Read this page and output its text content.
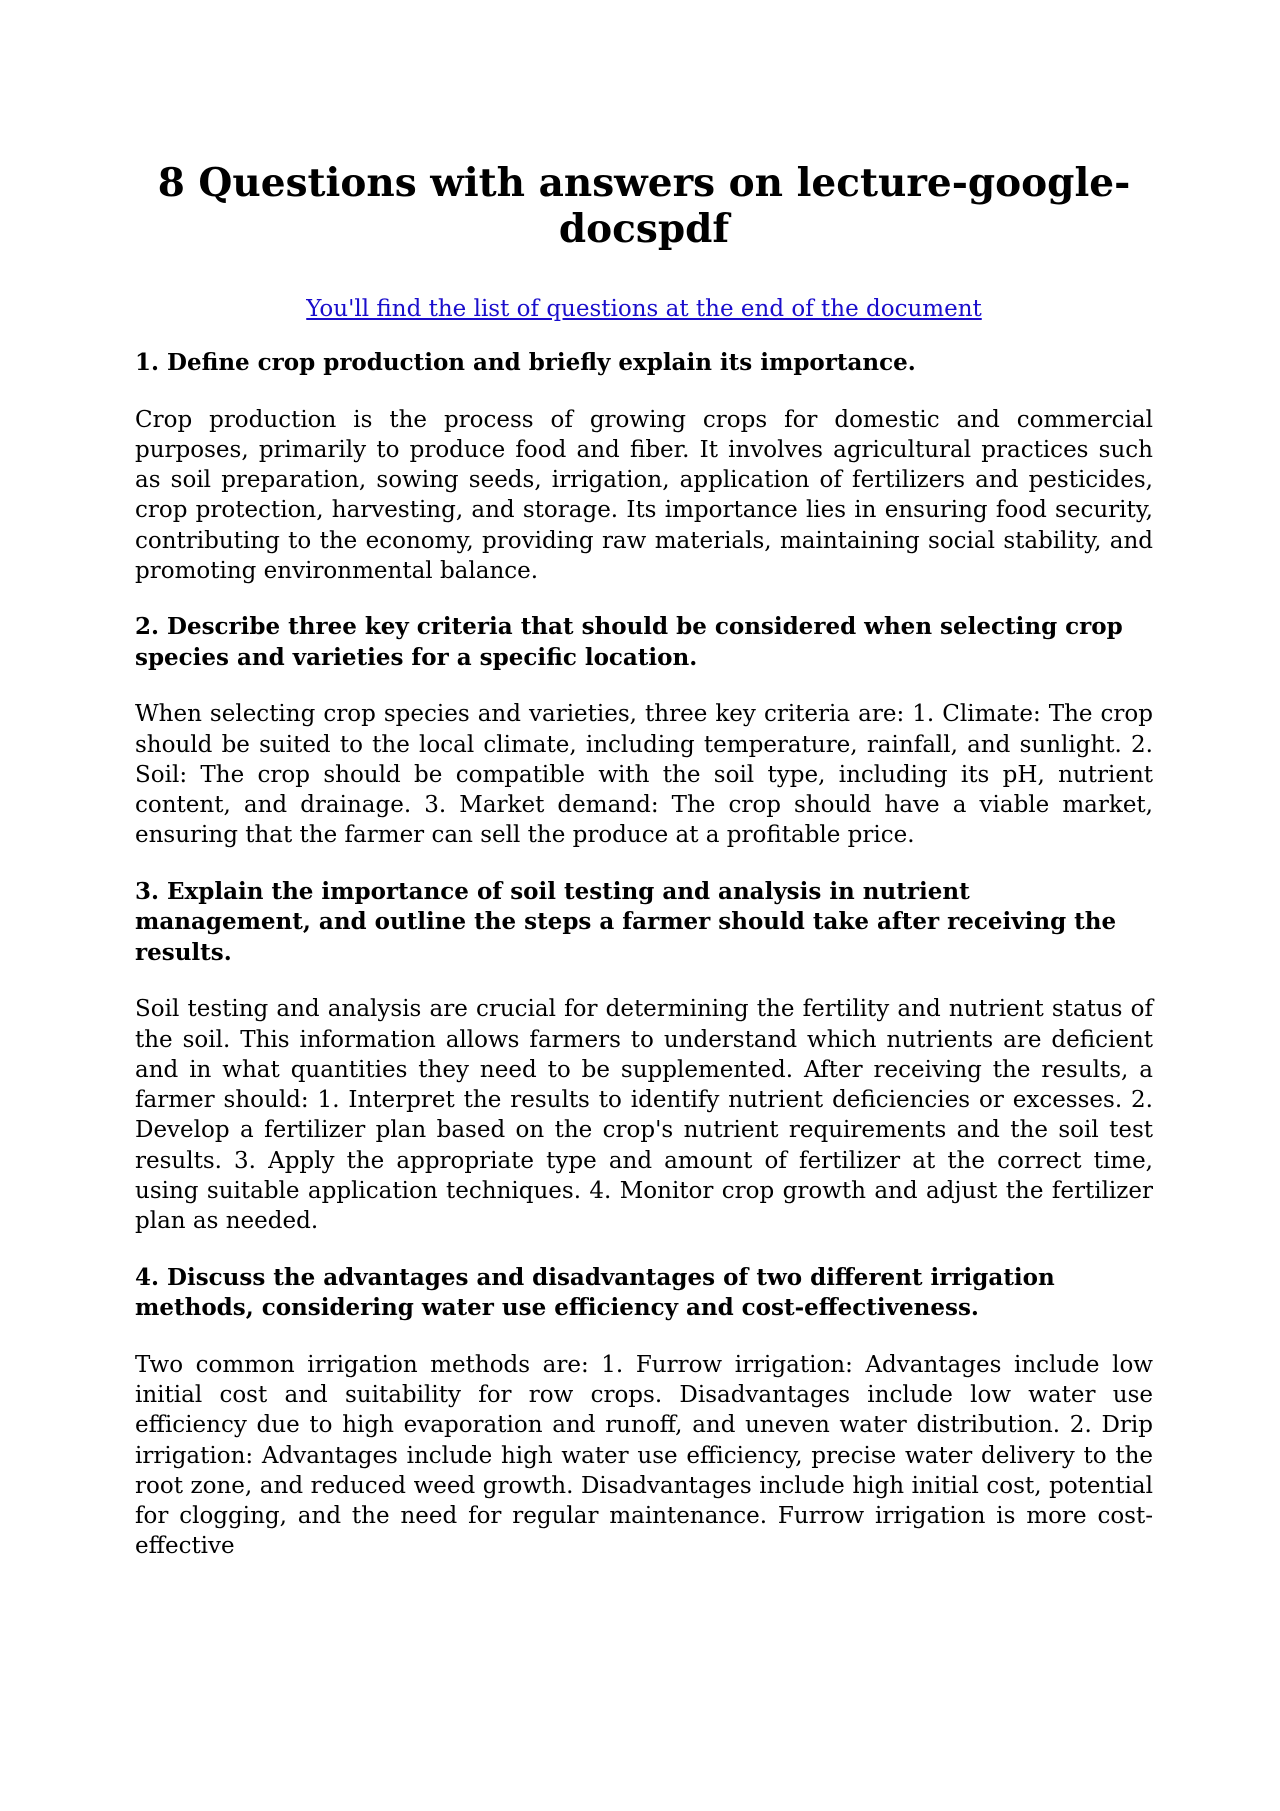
8 Questions with answers on lecture-google-docspdf
You'll find the list of questions at the end of the document

1. Define crop production and briefly explain its importance.

Crop production is the process of growing crops for domestic and commercial purposes, primarily to produce food and fiber. It involves agricultural practices such as soil preparation, sowing seeds, irrigation, application of fertilizers and pesticides, crop protection, harvesting, and storage. Its importance lies in ensuring food security, contributing to the economy, providing raw materials, maintaining social stability, and promoting environmental balance.

2. Describe three key criteria that should be considered when selecting crop species and varieties for a specific location.

When selecting crop species and varieties, three key criteria are: 1. Climate: The crop should be suited to the local climate, including temperature, rainfall, and sunlight. 2. Soil: The crop should be compatible with the soil type, including its pH, nutrient content, and drainage. 3. Market demand: The crop should have a viable market, ensuring that the farmer can sell the produce at a profitable price.

3. Explain the importance of soil testing and analysis in nutrient management, and outline the steps a farmer should take after receiving the results.

Soil testing and analysis are crucial for determining the fertility and nutrient status of the soil. This information allows farmers to understand which nutrients are deficient and in what quantities they need to be supplemented. After receiving the results, a farmer should: 1. Interpret the results to identify nutrient deficiencies or excesses. 2. Develop a fertilizer plan based on the crop's nutrient requirements and the soil test results. 3. Apply the appropriate type and amount of fertilizer at the correct time, using suitable application techniques. 4. Monitor crop growth and adjust the fertilizer plan as needed.

4. Discuss the advantages and disadvantages of two different irrigation methods, considering water use efficiency and cost-effectiveness.

Two common irrigation methods are: 1. Furrow irrigation: Advantages include low initial cost and suitability for row crops. Disadvantages include low water use efficiency due to high evaporation and runoff, and uneven water distribution. 2. Drip irrigation: Advantages include high water use efficiency, precise water delivery to the root zone, and reduced weed growth. Disadvantages include high initial cost, potential for clogging, and the need for regular maintenance. Furrow irrigation is more cost-effective
